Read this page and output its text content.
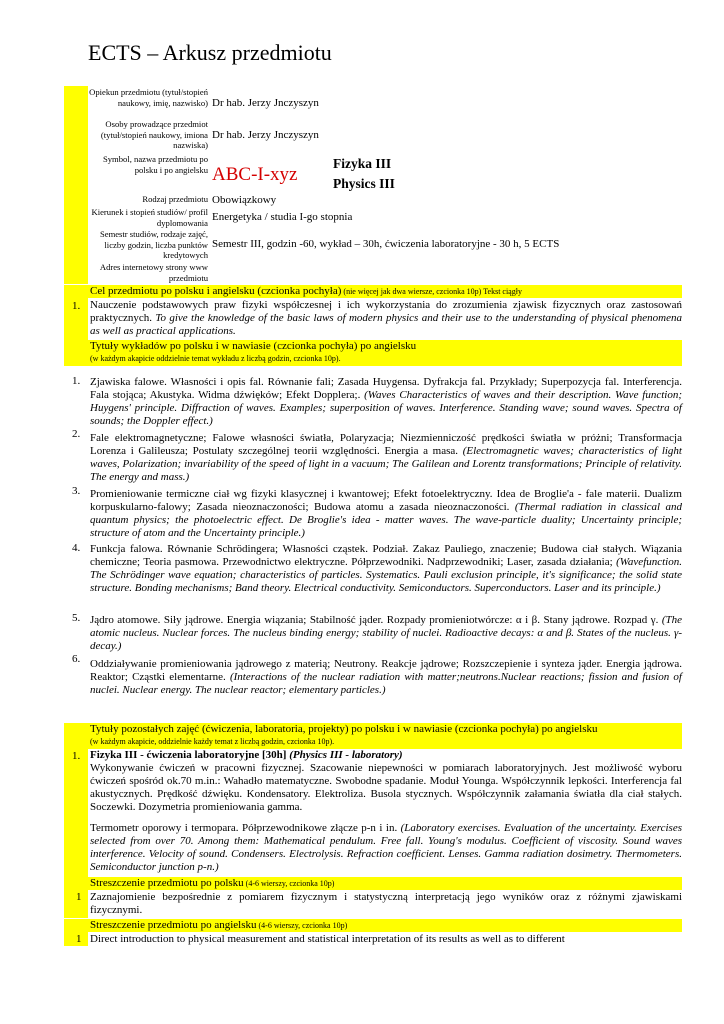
ECTS – Arkusz przedmiotu
Opiekun przedmiotu (tytuł/stopień naukowy, imię, nazwisko) Dr hab. Jerzy Jnczyszyn
Osoby prowadzące przedmiot (tytuł/stopień naukowy, imiona nazwiska)
Dr hab. Jerzy Jnczyszyn
Symbol, nazwa przedmiotu po polsku i po angielsku ABC-I-xyz
Fizyka III
Physics III
Rodzaj przedmiotu Obowiązkowy
Kierunek i stopień studiów/ profil dyplomowania Energetyka / studia I-go stopnia
Semestr studiów, rodzaje zajęć, liczby godzin, liczba punktów kredytowych
Semestr III, godzin -60, wykład – 30h, ćwiczenia laboratoryjne - 30 h, 5 ECTS
Adres internetowy strony www przedmiotu
Cel przedmiotu po polsku i angielsku (czcionka pochyła) (nie więcej jak dwa wiersze, czcionka 10p) Tekst ciągły
1. Nauczenie podstawowych praw fizyki współczesnej i ich wykorzystania do zrozumienia zjawisk fizycznych oraz zastosowań praktycznych. To give the knowledge of the basic laws of modern physics and their use to the understanding of physical phenomena as well as practical applications.
Tytuły wykładów po polsku i w nawiasie (czcionka pochyła) po angielsku
(w każdym akapicie oddzielnie temat wykładu z liczbą godzin, czcionka 10p).
1. Zjawiska falowe. Własności i opis fal. Równanie fali; Zasada Huygensa. Dyfrakcja fal. Przykłady; Superpozycja fal. Interferencja. Fala stojąca; Akustyka. Widma dźwięków; Efekt Dopplera;. (Waves Characteristics of waves and their description. Wave function; Huygens' principle. Diffraction of waves. Examples; superposition of waves. Interference. Standing wave; sound waves. Spectra of sounds; the Doppler effect.)
2. Fale elektromagnetyczne; Falowe własności światła, Polaryzacja; Niezmienniczość prędkości światła w próżni; Transformacja Lorenza i Galileusza; Postulaty szczególnej teorii względności. Energia a masa. (Electromagnetic waves; characteristics of light waves, Polarization; invariability of the speed of light in a vacuum; The Galilean and Lorentz transformations; Principle of relativity. The energy and mass.)
3. Promieniowanie termiczne ciał wg fizyki klasycznej i kwantowej; Efekt fotoelektryczny. Idea de Broglie'a - fale materii. Dualizm korpuskularno-falowy; Zasada nieoznaczoności; Budowa atomu a zasada nieoznaczoności. (Thermal radiation in classical and quantum physics; the photoelectric effect. De Broglie's idea - matter waves. The wave-particle duality; Uncertainty principle; structure of atom and the Uncertainty principle.)
4. Funkcja falowa. Równanie Schrödingera; Własności cząstek. Podział. Zakaz Pauliego, znaczenie; Budowa ciał stałych. Wiązania chemiczne; Teoria pasmowa. Przewodnictwo elektryczne. Półprzewodniki. Nadprzewodniki; Laser, zasada działania; (Wavefunction. The Schrödinger wave equation; characteristics of particles. Systematics. Pauli exclusion principle, it's significance; the solid state structure. Bonding mechanisms; Band theory. Electrical conductivity. Semiconductors. Superconductors. Laser and its principle.)
5. Jądro atomowe. Siły jądrowe. Energia wiązania; Stabilność jąder. Rozpady promieniotwórcze: α i β. Stany jądrowe. Rozpad γ. (The atomic nucleus. Nuclear forces. The nucleus binding energy; stability of nuclei. Radioactive decays: α and β. States of the nucleus. γ-decay.)
6. Oddziaływanie promieniowania jądrowego z materią; Neutrony. Reakcje jądrowe; Rozszczepienie i synteza jąder. Energia jądrowa. Reaktor; Cząstki elementarne. (Interactions of the nuclear radiation with matter;neutrons.Nuclear reactions; fission and fusion of nuclei. Nuclear energy. The nuclear reactor; elementary particles.)
Tytuły pozostałych zajęć (ćwiczenia, laboratoria, projekty) po polsku i w nawiasie (czcionka pochyła) po angielsku
(w każdym akapicie, oddzielnie każdy temat z liczbą godzin, czcionka 10p).
1. Fizyka III - ćwiczenia laboratoryjne [30h] (Physics III - laboratory)
Wykonywanie ćwiczeń w pracowni fizycznej. Szacowanie niepewności w pomiarach laboratoryjnych. Jest możliwość wyboru ćwiczeń spośród ok.70 m.in.: Wahadło matematyczne. Swobodne spadanie. Moduł Younga. Współczynnik lepkości. Interferencja fal akustycznych. Prędkość dźwięku. Kondensatory. Elektroliza. Busola stycznych. Współczynnik załamania światła dla ciał stałych. Soczewki. Dozymetria promieniowania gamma.
Termometr oporowy i termopara. Półprzewodnikowe złącze p-n i in. (Laboratory exercises. Evaluation of the uncertainty. Exercises selected from over 70. Among them: Mathematical pendulum. Free fall. Young's modulus. Coefficient of viscosity. Sound waves interference. Velocity of sound. Condensers. Electrolysis. Refraction coefficient. Lenses. Gamma radiation dosimetry. Thermometers. Semiconductor junction p-n.)
Streszczenie przedmiotu po polsku (4-6 wierszy, czcionka 10p)
1 Zaznajomienie bezpośrednie z pomiarem fizycznym i statystyczną interpretacją jego wyników oraz z różnymi zjawiskami fizycznymi.
Streszczenie przedmiotu po angielsku (4-6 wierszy, czcionka 10p)
1 Direct introduction to physical measurement and statistical interpretation of its results as well as to different
